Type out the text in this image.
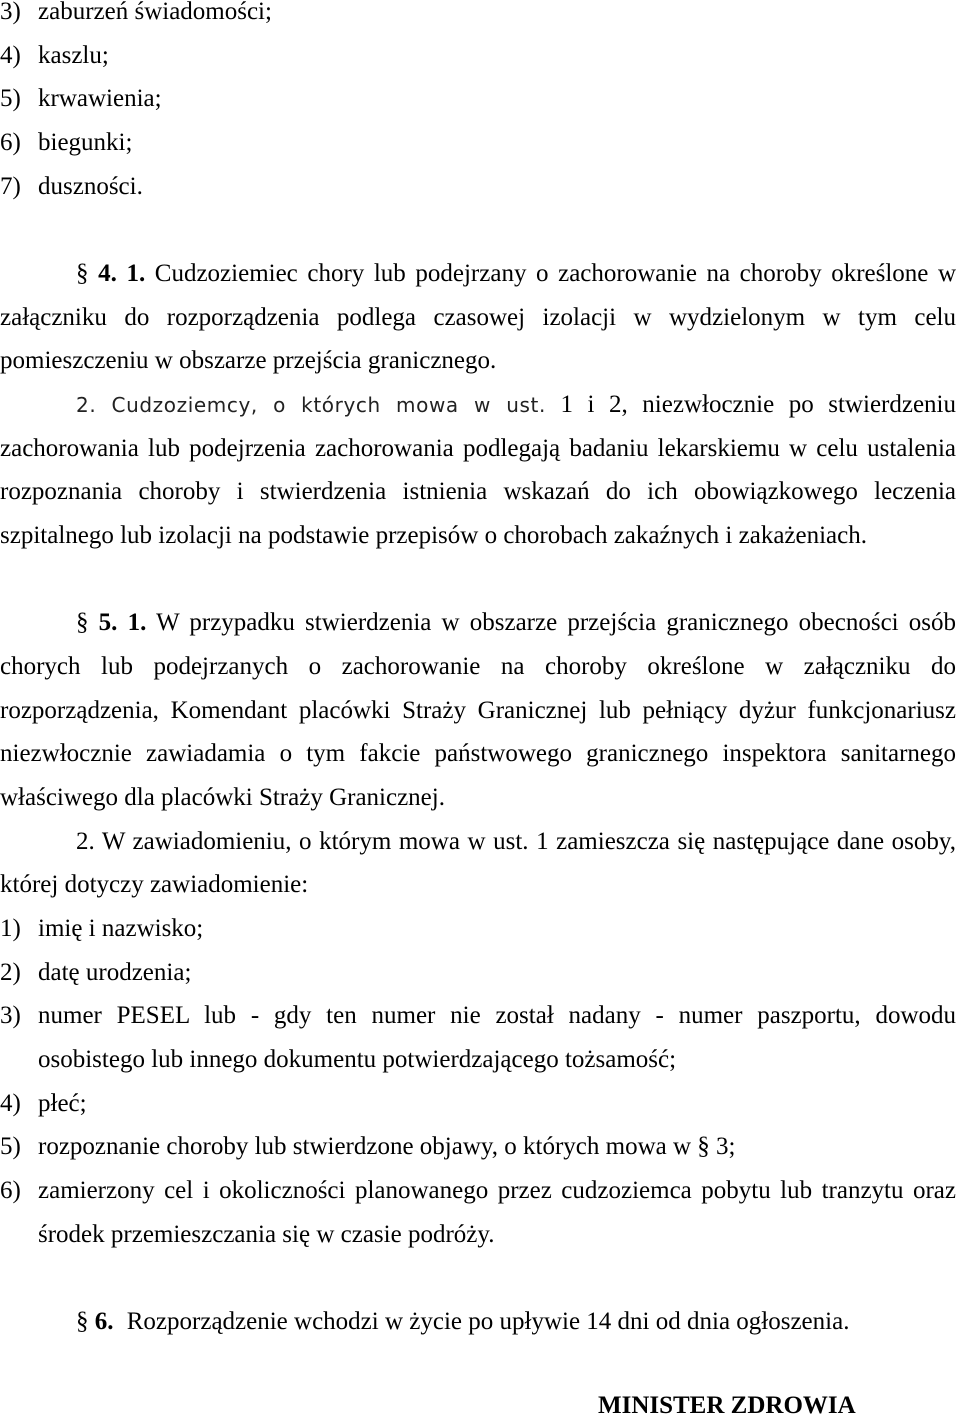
3) zaburzeń świadomości;
4) kaszlu;
5) krwawienia;
6) biegunki;
7) duszności.
§ 4. 1. Cudzoziemiec chory lub podejrzany o zachorowanie na choroby określone w
załączniku do rozporządzenia podlega czasowej izolacji w wydzielonym w tym celu
pomieszczeniu w obszarze przejścia granicznego.
2. Cudzoziemcy, o których mowa w ust. 1 i 2, niezwłocznie po stwierdzeniu
zachorowania lub podejrzenia zachorowania podlegają badaniu lekarskiemu w celu ustalenia
rozpoznania choroby i stwierdzenia istnienia wskazań do ich obowiązkowego leczenia
szpitalnego lub izolacji na podstawie przepisów o chorobach zakaźnych i zakażeniach.
§ 5. 1. W przypadku stwierdzenia w obszarze przejścia granicznego obecności osób
chorych lub podejrzanych o zachorowanie na choroby określone w załączniku do
rozporządzenia, Komendant placówki Straży Granicznej lub pełniący dyżur funkcjonariusz
niezwłocznie zawiadamia o tym fakcie państwowego granicznego inspektora sanitarnego
właściwego dla placówki Straży Granicznej.
2. W zawiadomieniu, o którym mowa w ust. 1 zamieszcza się następujące dane osoby,
której dotyczy zawiadomienie:
1) imię i nazwisko;
2) datę urodzenia;
3) numer PESEL lub - gdy ten numer nie został nadany - numer paszportu, dowodu
osobistego lub innego dokumentu potwierdzającego tożsamość;
4) płeć;
5) rozpoznanie choroby lub stwierdzone objawy, o których mowa w § 3;
6) zamierzony cel i okoliczności planowanego przez cudzoziemca pobytu lub tranzytu oraz
środek przemieszczania się w czasie podróży.
§ 6. Rozporządzenie wchodzi w życie po upływie 14 dni od dnia ogłoszenia.
MINISTER ZDROWIA
